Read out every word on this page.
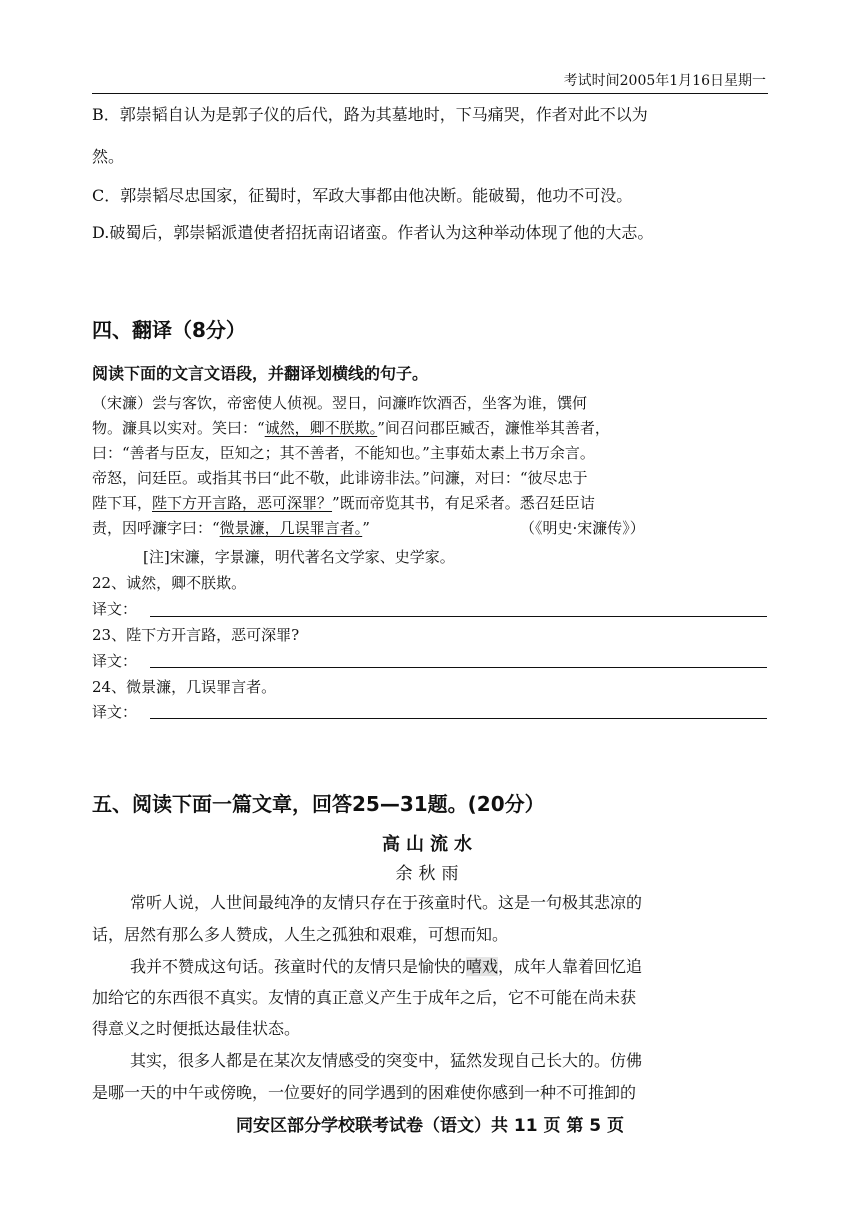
考试时间2005年1月16日星期一
B．郭崇韬自认为是郭子仪的后代，路为其墓地时，下马痛哭，作者对此不以为
然。
C．郭崇韬尽忠国家，征蜀时，军政大事都由他决断。能破蜀，他功不可没。
D.破蜀后，郭崇韬派遣使者招抚南诏诸蛮。作者认为这种举动体现了他的大志。
四、翻译（8分）
阅读下面的文言文语段，并翻译划横线的句子。
（宋濂）尝与客饮，帝密使人侦视。翌日，问濂昨饮酒否，坐客为谁，馔何
物。濂具以实对。笑曰：“诚然，卿不朕欺。”间召问郡臣臧否，濂惟举其善者，
曰：“善者与臣友，臣知之；其不善者，不能知也。”主事茹太素上书万余言。
帝怒，问廷臣。或指其书曰“此不敬，此诽谤非法。”问濂，对曰：“彼尽忠于
陛下耳，陛下方开言路，恶可深罪？”既而帝览其书，有足采者。悉召廷臣诘
责，因呼濂字曰：“微景濂，几误罪言者。”	（《明史·宋濂传》）
[注]宋濂，字景濂，明代著名文学家、史学家。
22、诚然，卿不朕欺。
译文：
23、陛下方开言路，恶可深罪?
译文：
24、微景濂，几误罪言者。
译文：
五、阅读下面一篇文章，回答25—31题。(20分）
高山流水
余秋雨
常听人说，人世间最纯净的友情只存在于孩童时代。这是一句极其悲凉的
话，居然有那么多人赞成，人生之孤独和艰难，可想而知。
我并不赞成这句话。孩童时代的友情只是愉快的嘻戏，成年人靠着回忆追
加给它的东西很不真实。友情的真正意义产生于成年之后，它不可能在尚未获
得意义之时便抵达最佳状态。
其实，很多人都是在某次友情感受的突变中，猛然发现自己长大的。仿佛
是哪一天的中午或傍晚，一位要好的同学遇到的困难使你感到一种不可推卸的
同安区部分学校联考试卷（语文）共 11 页 第 5 页
